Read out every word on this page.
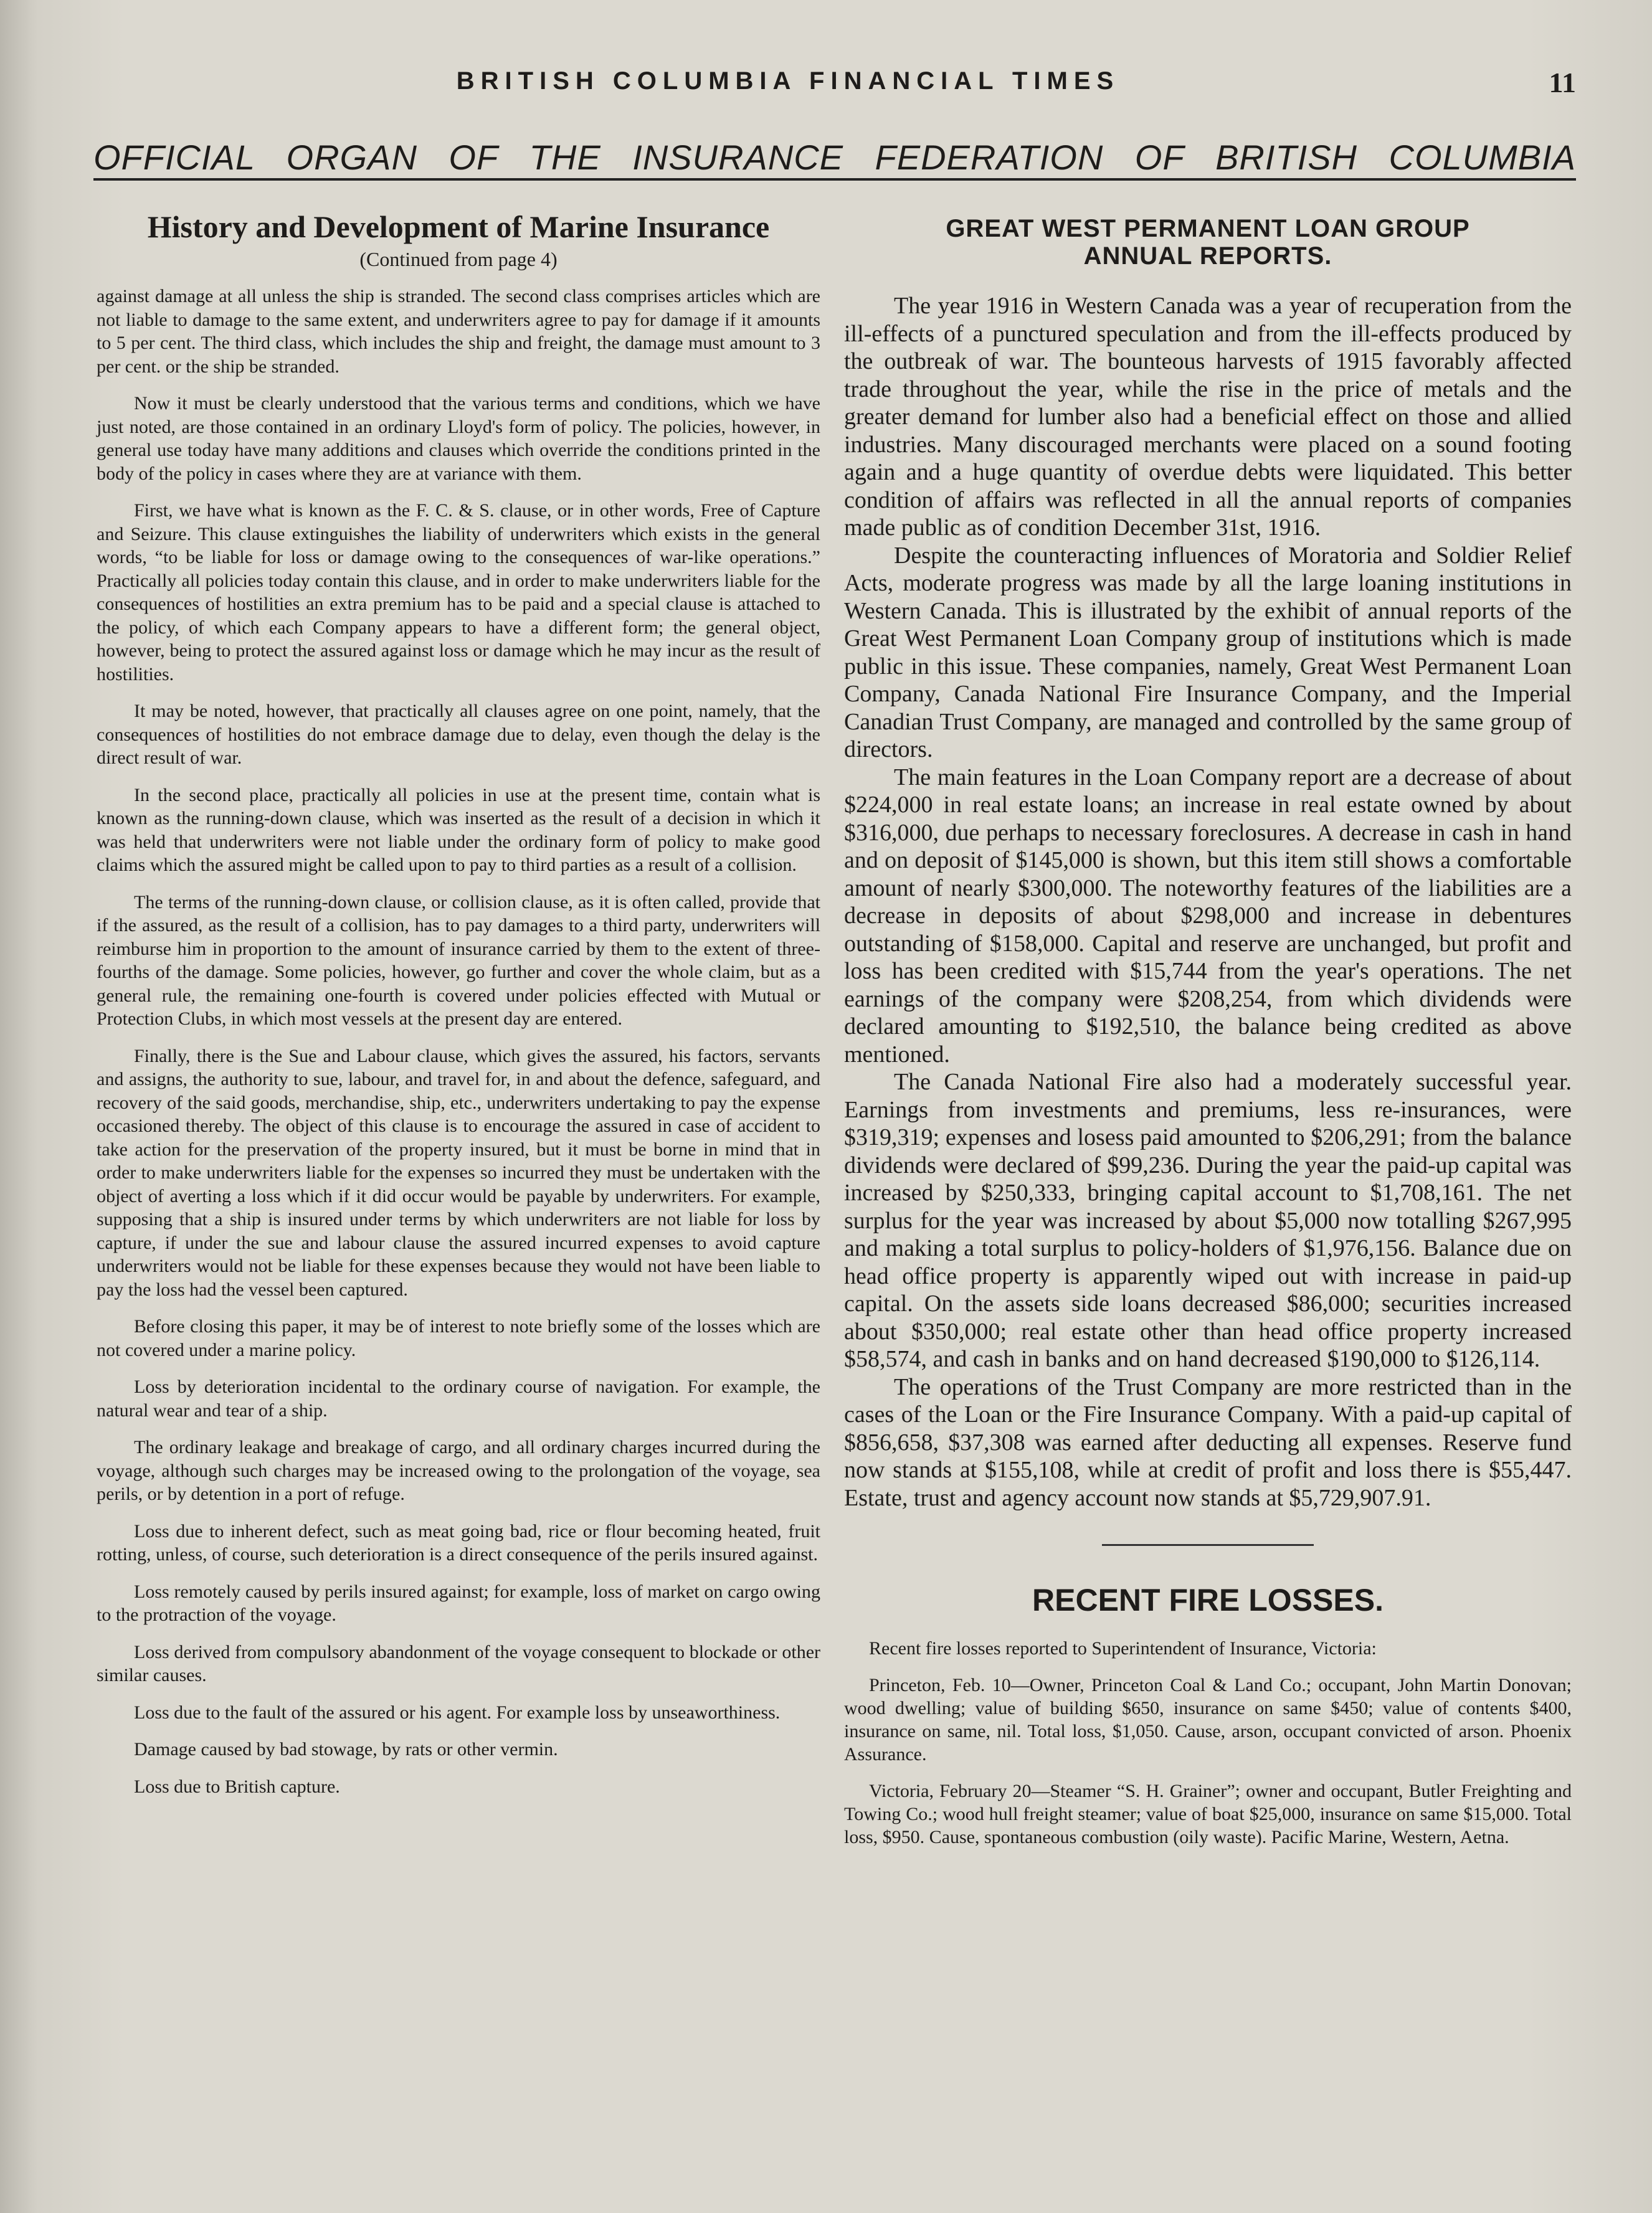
BRITISH COLUMBIA FINANCIAL TIMES	11
OFFICIAL ORGAN OF THE INSURANCE FEDERATION OF BRITISH COLUMBIA
History and Development of Marine Insurance
(Continued from page 4)

against damage at all unless the ship is stranded. The second class comprises articles which are not liable to damage to the same extent, and underwriters agree to pay for damage if it amounts to 5 per cent. The third class, which includes the ship and freight, the damage must amount to 3 per cent. or the ship be stranded.

Now it must be clearly understood that the various terms and conditions, which we have just noted, are those contained in an ordinary Lloyd's form of policy. The policies, however, in general use today have many additions and clauses which override the conditions printed in the body of the policy in cases where they are at variance with them.

First, we have what is known as the F. C. & S. clause, or in other words, Free of Capture and Seizure. This clause extinguishes the liability of underwriters which exists in the general words, “to be liable for loss or damage owing to the consequences of war-like operations.” Practically all policies today contain this clause, and in order to make underwriters liable for the consequences of hostilities an extra premium has to be paid and a special clause is attached to the policy, of which each Company appears to have a different form; the general object, however, being to protect the assured against loss or damage which he may incur as the result of hostilities.

It may be noted, however, that practically all clauses agree on one point, namely, that the consequences of hostilities do not embrace damage due to delay, even though the delay is the direct result of war.

In the second place, practically all policies in use at the present time, contain what is known as the running-down clause, which was inserted as the result of a decision in which it was held that underwriters were not liable under the ordinary form of policy to make good claims which the assured might be called upon to pay to third parties as a result of a collision.

The terms of the running-down clause, or collision clause, as it is often called, provide that if the assured, as the result of a collision, has to pay damages to a third party, underwriters will reimburse him in proportion to the amount of insurance carried by them to the extent of three-fourths of the damage. Some policies, however, go further and cover the whole claim, but as a general rule, the remaining one-fourth is covered under policies effected with Mutual or Protection Clubs, in which most vessels at the present day are entered.

Finally, there is the Sue and Labour clause, which gives the assured, his factors, servants and assigns, the authority to sue, labour, and travel for, in and about the defence, safeguard, and recovery of the said goods, merchandise, ship, etc., underwriters undertaking to pay the expense occasioned thereby. The object of this clause is to encourage the assured in case of accident to take action for the preservation of the property insured, but it must be borne in mind that in order to make underwriters liable for the expenses so incurred they must be undertaken with the object of averting a loss which if it did occur would be payable by underwriters. For example, supposing that a ship is insured under terms by which underwriters are not liable for loss by capture, if under the sue and labour clause the assured incurred expenses to avoid capture underwriters would not be liable for these expenses because they would not have been liable to pay the loss had the vessel been captured.

Before closing this paper, it may be of interest to note briefly some of the losses which are not covered under a marine policy.

Loss by deterioration incidental to the ordinary course of navigation. For example, the natural wear and tear of a ship.

The ordinary leakage and breakage of cargo, and all ordinary charges incurred during the voyage, although such charges may be increased owing to the prolongation of the voyage, sea perils, or by detention in a port of refuge.

Loss due to inherent defect, such as meat going bad, rice or flour becoming heated, fruit rotting, unless, of course, such deterioration is a direct consequence of the perils insured against.

Loss remotely caused by perils insured against; for example, loss of market on cargo owing to the protraction of the voyage.

Loss derived from compulsory abandonment of the voyage consequent to blockade or other similar causes.

Loss due to the fault of the assured or his agent. For example loss by unseaworthiness.

Damage caused by bad stowage, by rats or other vermin.

Loss due to British capture.

GREAT WEST PERMANENT LOAN GROUP
ANNUAL REPORTS.

The year 1916 in Western Canada was a year of recuperation from the ill-effects of a punctured speculation and from the ill-effects produced by the outbreak of war. The bounteous harvests of 1915 favorably affected trade throughout the year, while the rise in the price of metals and the greater demand for lumber also had a beneficial effect on those and allied industries. Many discouraged merchants were placed on a sound footing again and a huge quantity of overdue debts were liquidated. This better condition of affairs was reflected in all the annual reports of companies made public as of condition December 31st, 1916.

Despite the counteracting influences of Moratoria and Soldier Relief Acts, moderate progress was made by all the large loaning institutions in Western Canada. This is illustrated by the exhibit of annual reports of the Great West Permanent Loan Company group of institutions which is made public in this issue. These companies, namely, Great West Permanent Loan Company, Canada National Fire Insurance Company, and the Imperial Canadian Trust Company, are managed and controlled by the same group of directors.

The main features in the Loan Company report are a decrease of about $224,000 in real estate loans; an increase in real estate owned by about $316,000, due perhaps to necessary foreclosures. A decrease in cash in hand and on deposit of $145,000 is shown, but this item still shows a comfortable amount of nearly $300,000. The noteworthy features of the liabilities are a decrease in deposits of about $298,000 and increase in debentures outstanding of $158,000. Capital and reserve are unchanged, but profit and loss has been credited with $15,744 from the year's operations. The net earnings of the company were $208,254, from which dividends were declared amounting to $192,510, the balance being credited as above mentioned.

The Canada National Fire also had a moderately successful year. Earnings from investments and premiums, less re-insurances, were $319,319; expenses and losess paid amounted to $206,291; from the balance dividends were declared of $99,236. During the year the paid-up capital was increased by $250,333, bringing capital account to $1,708,161. The net surplus for the year was increased by about $5,000 now totalling $267,995 and making a total surplus to policy-holders of $1,976,156. Balance due on head office property is apparently wiped out with increase in paid-up capital. On the assets side loans decreased $86,000; securities increased about $350,000; real estate other than head office property increased $58,574, and cash in banks and on hand decreased $190,000 to $126,114.

The operations of the Trust Company are more restricted than in the cases of the Loan or the Fire Insurance Company. With a paid-up capital of $856,658, $37,308 was earned after deducting all expenses. Reserve fund now stands at $155,108, while at credit of profit and loss there is $55,447. Estate, trust and agency account now stands at $5,729,907.91.

RECENT FIRE LOSSES.

Recent fire losses reported to Superintendent of Insurance, Victoria:

Princeton, Feb. 10—Owner, Princeton Coal & Land Co.; occupant, John Martin Donovan; wood dwelling; value of building $650, insurance on same $450; value of contents $400, insurance on same, nil. Total loss, $1,050. Cause, arson, occupant convicted of arson. Phoenix Assurance.

Victoria, February 20—Steamer “S. H. Grainer”; owner and occupant, Butler Freighting and Towing Co.; wood hull freight steamer; value of boat $25,000, insurance on same $15,000. Total loss, $950. Cause, spontaneous combustion (oily waste). Pacific Marine, Western, Aetna.
